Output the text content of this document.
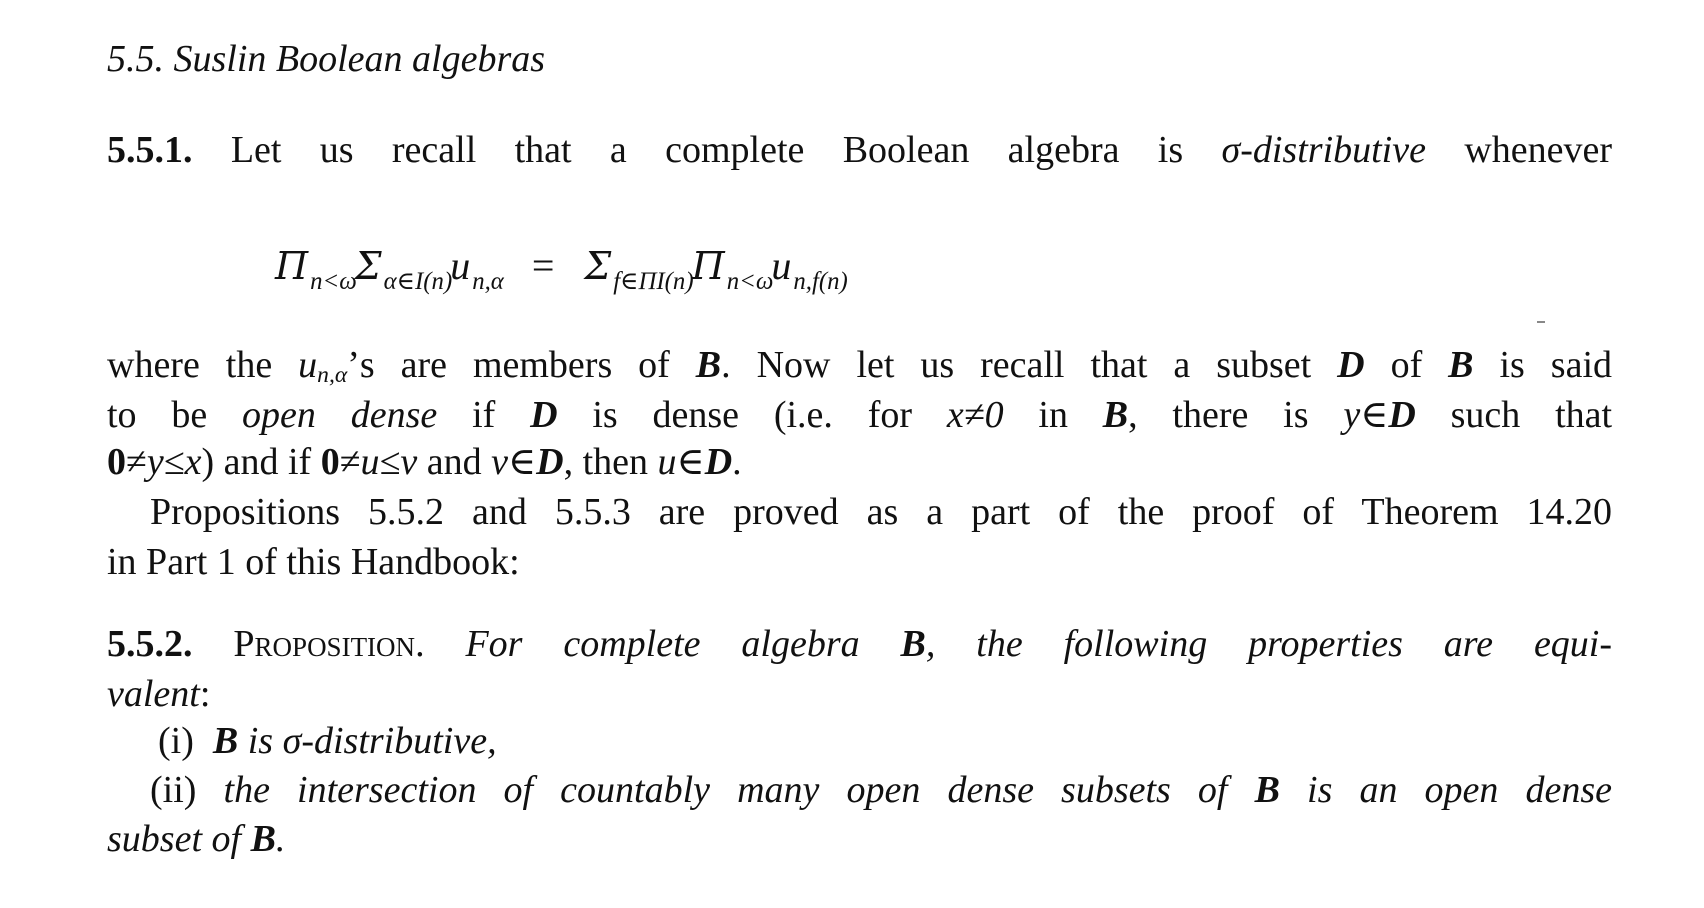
5.5. Suslin Boolean algebras
5.5.1. Let us recall that a complete Boolean algebra is σ-distributive whenever
$\Pi_{n<\omega}\Sigma_{\alpha\in I(n)}u_{n,\alpha} = \Sigma_{f\in\Pi I(n)}\Pi_{n<\omega}u_{n,f(n)}$
where the $u_{n,\alpha}’s$ are members of B. Now let us recall that a subset D of B is said
to be open dense if D is dense (i.e. for x≠0 in B, there is y∈D such that
0≠y≤x) and if 0≠u≤v and v∈D, then u∈D.
Propositions 5.5.2 and 5.5.3 are proved as a part of the proof of Theorem 14.20
in Part 1 of this Handbook:
5.5.2. Proposition. For complete algebra B, the following properties are equi-
valent:
(i) B is σ-distributive,
(ii) the intersection of countably many open dense subsets of B is an open dense
subset of B.
